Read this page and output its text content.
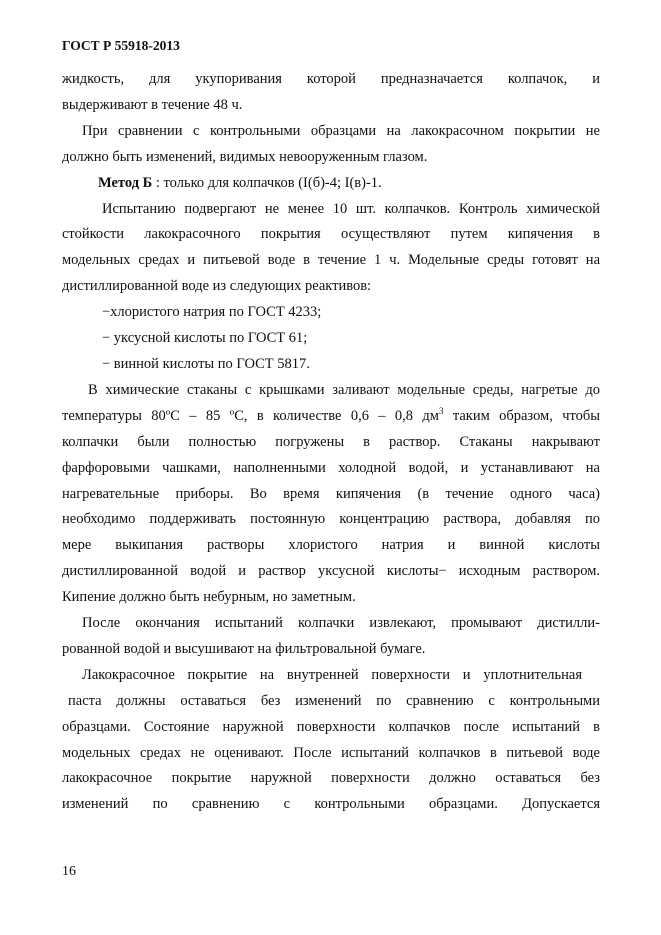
ГОСТ Р 55918-2013

жидкость, для укупоривания которой предназначается колпачок, и

выдерживают в течение 48 ч.

При сравнении с контрольными образцами на лакокрасочном покрытии не

должно быть изменений, видимых невооруженным глазом.

Метод Б : только для колпачков (I(б)-4; I(в)-1.

Испытанию подвергают не менее 10 шт. колпачков. Контроль химической

стойкости лакокрасочного покрытия осуществляют путем кипячения в

модельных средах и питьевой воде в течение 1 ч. Модельные среды готовят на

дистиллированной воде из следующих реактивов:

−хлористого натрия по ГОСТ 4233;

− уксусной кислоты по ГОСТ 61;

− винной кислоты по ГОСТ 5817.

В химические стаканы с крышками заливают модельные среды, нагретые до

температуры 80ºС – 85 ºС, в количестве 0,6 – 0,8 $дм^3$ таким образом, чтобы

колпачки были полностью погружены в раствор. Стаканы накрывают

фарфоровыми чашками, наполненными холодной водой, и устанавливают на

нагревательные приборы. Во время кипячения (в течение одного часа)

необходимо поддерживать постоянную концентрацию раствора, добавляя по

мере выкипания растворы хлористого натрия и винной кислоты

дистиллированной водой и раствор уксусной кислоты− исходным раствором.

Кипение должно быть небурным, но заметным.

После окончания испытаний колпачки извлекают, промывают дистилли-

рованной водой и высушивают на фильтровальной бумаге.

Лакокрасочное покрытие на внутренней поверхности и уплотнительная

паста должны оставаться без изменений по сравнению с контрольными

образцами. Состояние наружной поверхности колпачков после испытаний в

модельных средах не оценивают. После испытаний колпачков в питьевой воде

лакокрасочное покрытие наружной поверхности должно оставаться без

изменений по сравнению с контрольными образцами. Допускается

16
